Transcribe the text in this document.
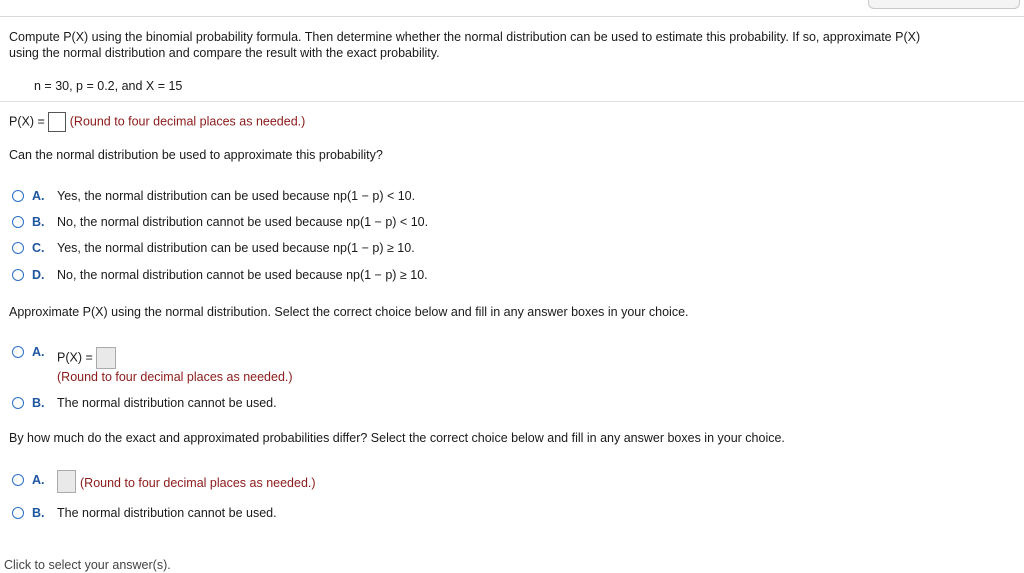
Compute P(X) using the binomial probability formula. Then determine whether the normal distribution can be used to estimate this probability. If so, approximate P(X)
using the normal distribution and compare the result with the exact probability.
n = 30, p = 0.2, and X = 15
P(X) = (Round to four decimal places as needed.)
Can the normal distribution be used to approximate this probability?
A. Yes, the normal distribution can be used because np(1 − p) < 10.
B. No, the normal distribution cannot be used because np(1 − p) < 10.
C. Yes, the normal distribution can be used because np(1 − p) ≥ 10.
D. No, the normal distribution cannot be used because np(1 − p) ≥ 10.
Approximate P(X) using the normal distribution. Select the correct choice below and fill in any answer boxes in your choice.
A. P(X) =
(Round to four decimal places as needed.)
B. The normal distribution cannot be used.
By how much do the exact and approximated probabilities differ? Select the correct choice below and fill in any answer boxes in your choice.
A.	(Round to four decimal places as needed.)
B. The normal distribution cannot be used.
Click to select your answer(s).
